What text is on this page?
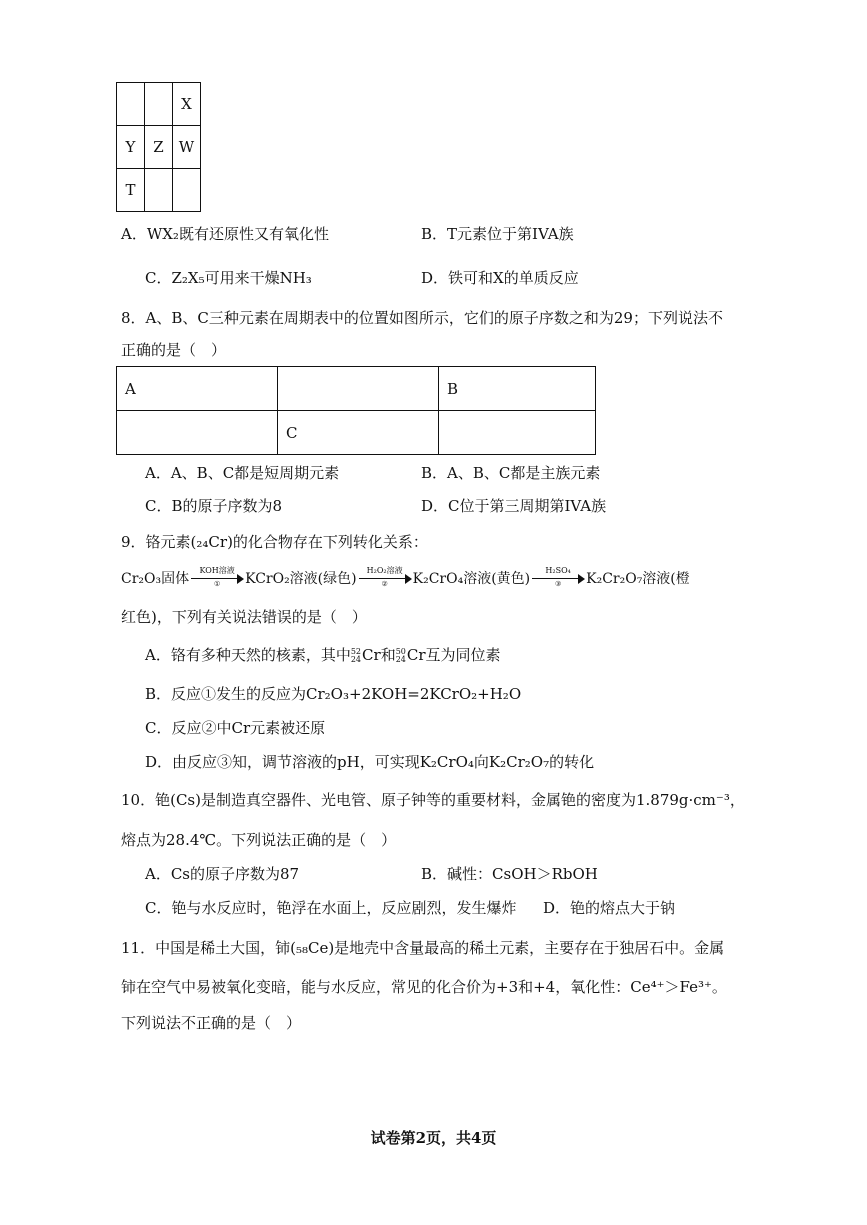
		X
Y	Z	W
T		
A．WX₂既有还原性又有氧化性	B．T元素位于第IVA族
C．Z₂X₅可用来干燥NH₃	D．铁可和X的单质反应
8．A、B、C三种元素在周期表中的位置如图所示，它们的原子序数之和为29；下列说法不
正确的是（　）
A		B
	C	
A．A、B、C都是短周期元素	B．A、B、C都是主族元素
C．B的原子序数为8	D．C位于第三周期第IVA族
9．铬元素(₂₄Cr)的化合物存在下列转化关系：
Cr₂O₃固体
KOH溶液
①	KCrO₂溶液(绿色)
H₂O₂溶液
②	K₂CrO₄溶液(黄色)
H₂SO₄
③	K₂Cr₂O₇溶液(橙
红色)，下列有关说法错误的是（　）
A．铬有多种天然的核素，其中 52
24 Cr和 50
24 Cr互为同位素
B．反应①发生的反应为Cr₂O₃+2KOH=2KCrO₂+H₂O
C．反应②中Cr元素被还原
D．由反应③知，调节溶液的pH，可实现K₂CrO₄向K₂Cr₂O₇的转化
10．铯(Cs)是制造真空器件、光电管、原子钟等的重要材料，金属铯的密度为1.879g·cm⁻³，
熔点为28.4℃。下列说法正确的是（　）
A．Cs的原子序数为87	B．碱性：CsOH＞RbOH
C．铯与水反应时，铯浮在水面上，反应剧烈，发生爆炸 D．铯的熔点大于钠
11．中国是稀土大国，铈(₅₈Ce)是地壳中含量最高的稀土元素，主要存在于独居石中。金属
铈在空气中易被氧化变暗，能与水反应，常见的化合价为+3和+4，氧化性：Ce⁴⁺＞Fe³⁺。
下列说法不正确的是（　）
试卷第2页，共4页
